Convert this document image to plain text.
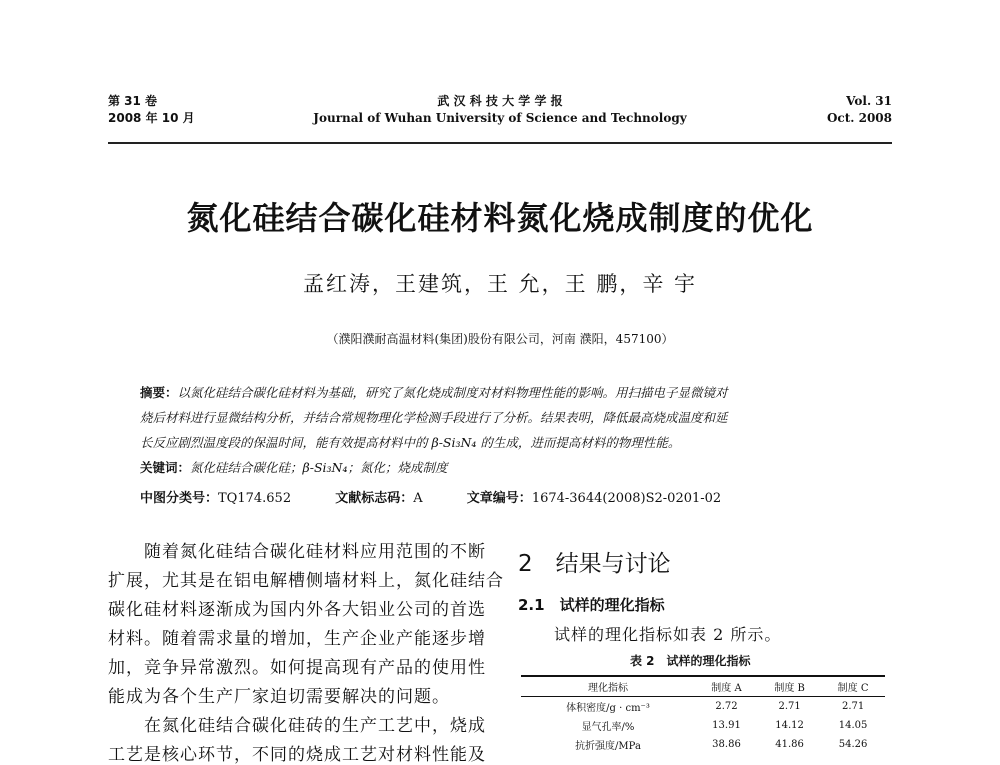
第 31 卷
2008 年 10 月
武 汉 科 技 大 学 学 报
Journal of Wuhan University of Science and Technology
Vol. 31
Oct. 2008
氮化硅结合碳化硅材料氮化烧成制度的优化
孟红涛，王建筑，王 允，王 鹏，辛 宇
（濮阳濮耐高温材料(集团)股份有限公司，河南 濮阳，457100）
摘要：以氮化硅结合碳化硅材料为基础，研究了氮化烧成制度对材料物理性能的影响。用扫描电子显微镜对
烧后材料进行显微结构分析，并结合常规物理化学检测手段进行了分析。结果表明，降低最高烧成温度和延
长反应剧烈温度段的保温时间，能有效提高材料中的 β-Si₃N₄ 的生成，进而提高材料的物理性能。
关键词：氮化硅结合碳化硅；β-Si₃N₄；氮化；烧成制度
中图分类号：TQ174.652	文献标志码：A	文章编号：1674-3644(2008)S2-0201-02
　　随着氮化硅结合碳化硅材料应用范围的不断
扩展，尤其是在铝电解槽侧墙材料上，氮化硅结合
碳化硅材料逐渐成为国内外各大铝业公司的首选
材料。随着需求量的增加，生产企业产能逐步增
加，竞争异常激烈。如何提高现有产品的使用性
能成为各个生产厂家迫切需要解决的问题。
　　在氮化硅结合碳化硅砖的生产工艺中，烧成
工艺是核心环节，不同的烧成工艺对材料性能及
2　结果与讨论
2.1　试样的理化指标
试样的理化指标如表 2 所示。
表 2　试样的理化指标
理化指标	制度 A	制度 B	制度 C
体积密度/g · cm⁻³	2.72	2.71	2.71
显气孔率/%	13.91	14.12	14.05
抗折强度/MPa	38.86	41.86	54.26
